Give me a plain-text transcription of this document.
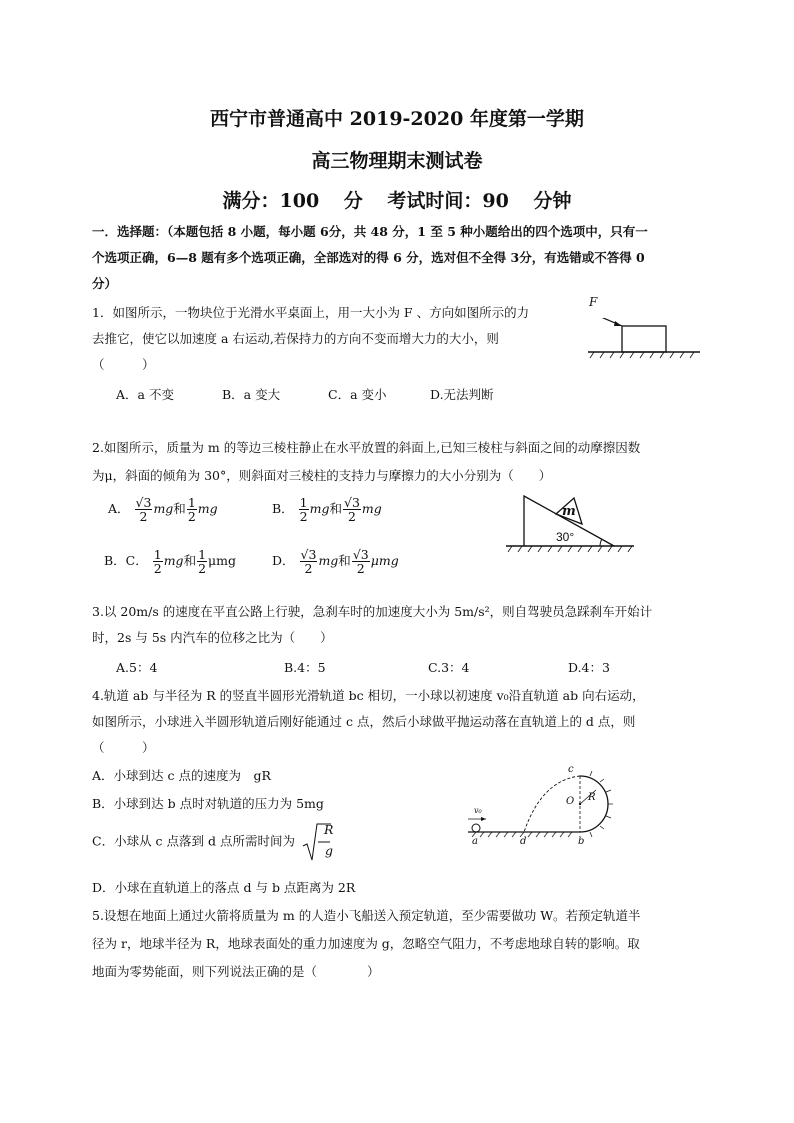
西宁市普通高中 2019-2020 年度第一学期
高三物理期末测试卷
满分：100 分 考试时间：90 分钟
一．选择题：（本题包括 8 小题，每小题 6分，共 48 分，1 至 5 种小题给出的四个选项中，只有一
个选项正确，6—8 题有多个选项正确，全部选对的得 6 分，选对但不全得 3分，有选错或不答得 0
分）
1．如图所示，一物块位于光滑水平桌面上，用一大小为 F 、方向如图所示的力
去推它，使它以加速度 a 右运动,若保持力的方向不变而增大力的大小，则
（　　　）
A．a 不变	B．a 变大	C．a 变小	D.无法判断
F
2.如图所示，质量为 m 的等边三棱柱静止在水平放置的斜面上,已知三棱柱与斜面之间的动摩擦因数
为μ，斜面的倾角为 30°，则斜面对三棱柱的支持力与摩擦力的大小分别为（　　）
A． $\frac{√3}{2}$ mg和 $\frac{1}{2}$ mg	B． $\frac{1}{2}$ mg和 $\frac{√3}{2}$ mg
B．C． $\frac{1}{2}$ mg和 $\frac{1}{2}$ μmg	D． $\frac{√3}{2}$ mg和 $\frac{√3}{2}$ μmg
m
30°
3.以 20m/s 的速度在平直公路上行驶，急刹车时的加速度大小为 5m/s²，则自驾驶员急踩刹车开始计
时，2s 与 5s 内汽车的位移之比为（　　）
A.5：4	B.4：5	C.3：4	D.4：3
4.轨道 ab 与半径为 R 的竖直半圆形光滑轨道 bc 相切，一小球以初速度 v₀沿直轨道 ab 向右运动，
如图所示，小球进入半圆形轨道后刚好能通过 c 点，然后小球做平抛运动落在直轨道上的 d 点，则
（　　　）
A．小球到达 c 点的速度为　gR
B．小球到达 b 点时对轨道的压力为 5mg
C．小球从 c 点落到 d 点所需时间为
R
g
D．小球在直轨道上的落点 d 与 b 点距离为 2R
v₀
a	d	b
c
O R
5.设想在地面上通过火箭将质量为 m 的人造小飞船送入预定轨道，至少需要做功 W。若预定轨道半
径为 r，地球半径为 R，地球表面处的重力加速度为 g，忽略空气阻力，不考虑地球自转的影响。取
地面为零势能面，则下列说法正确的是（　　　　）
